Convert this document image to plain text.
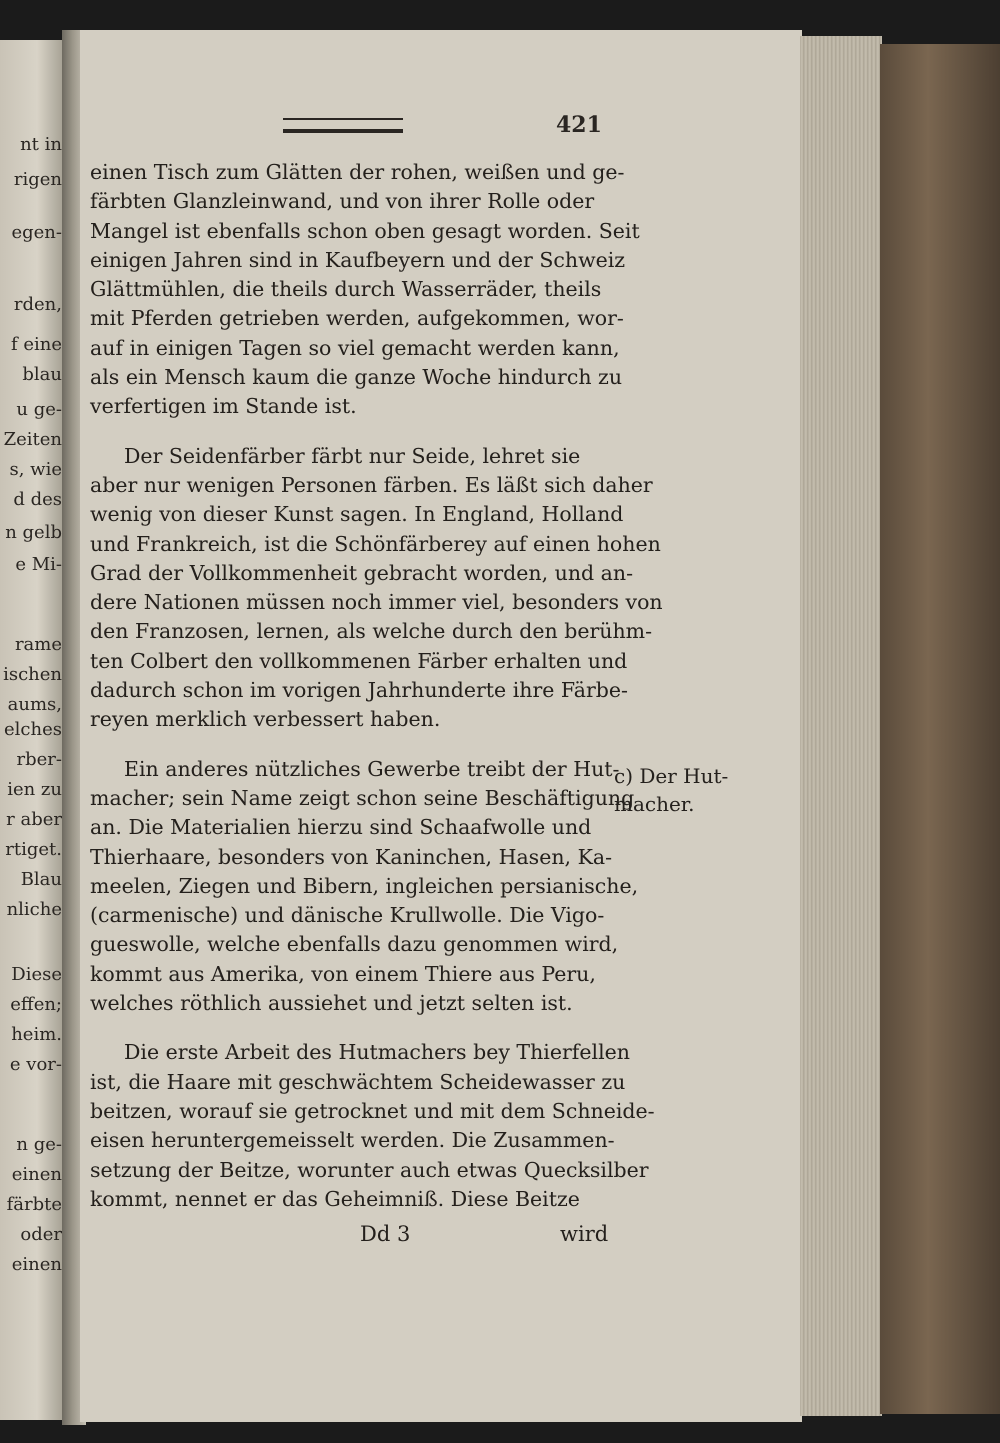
nt in
rigen
egen-
rden,
f eine
blau
u ge-
Zeiten
s, wie
d des
n gelb
e Mi-
rame
ischen
aums,
elches
rber-
ien zu
r aber
rtiget.
Blau
nliche
Diese
effen;
heim.
e vor-
n ge-
einen
färbte
oder
einen
421

einen Tisch zum Glätten der rohen, weißen und ge-
färbten Glanzleinwand, und von ihrer Rolle oder
Mangel ist ebenfalls schon oben gesagt worden. Seit
einigen Jahren sind in Kaufbeyern und der Schweiz
Glättmühlen, die theils durch Wasserräder, theils
mit Pferden getrieben werden, aufgekommen, wor-
auf in einigen Tagen so viel gemacht werden kann,
als ein Mensch kaum die ganze Woche hindurch zu
verfertigen im Stande ist.

Der Seidenfärber färbt nur Seide, lehret sie
aber nur wenigen Personen färben. Es läßt sich daher
wenig von dieser Kunst sagen. In England, Holland
und Frankreich, ist die Schönfärberey auf einen hohen
Grad der Vollkommenheit gebracht worden, und an-
dere Nationen müssen noch immer viel, besonders von
den Franzosen, lernen, als welche durch den berühm-
ten Colbert den vollkommenen Färber erhalten und
dadurch schon im vorigen Jahrhunderte ihre Färbe-
reyen merklich verbessert haben.

Ein anderes nützliches Gewerbe treibt der Hut-
macher; sein Name zeigt schon seine Beschäftigung
an. Die Materialien hierzu sind Schaafwolle und
Thierhaare, besonders von Kaninchen, Hasen, Ka-
meelen, Ziegen und Bibern, ingleichen persianische,
(carmenische) und dänische Krullwolle. Die Vigo-
gueswolle, welche ebenfalls dazu genommen wird,
kommt aus Amerika, von einem Thiere aus Peru,
welches röthlich aussiehet und jetzt selten ist.

Die erste Arbeit des Hutmachers bey Thierfellen
ist, die Haare mit geschwächtem Scheidewasser zu
beitzen, worauf sie getrocknet und mit dem Schneide-
eisen heruntergemeisselt werden. Die Zusammen-
setzung der Beitze, worunter auch etwas Quecksilber
kommt, nennet er das Geheimniß. Diese Beitze

c) Der Hut-
macher.
Dd 3	wird
